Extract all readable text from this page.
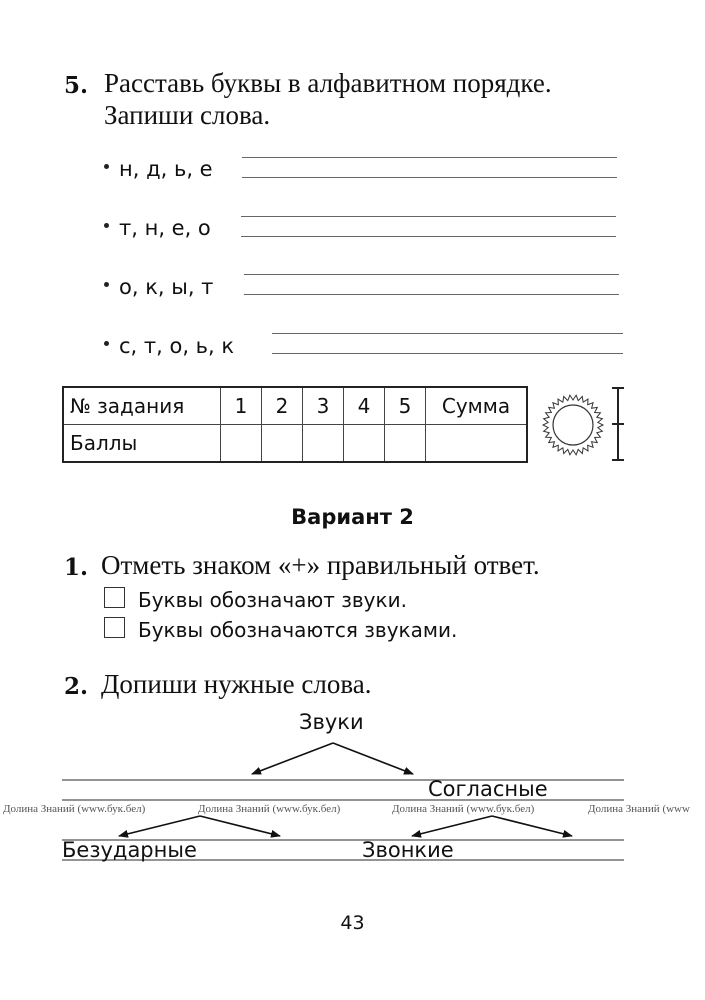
5. Расставь буквы в алфавитном порядке.
Запиши слова.
н, д, ь, е
т, н, е, о
о, к, ы, т
с, т, о, ь, к
№ задания	1	2	3	4	5	Сумма
Баллы						
Вариант 2
1. Отметь знаком «+» правильный ответ.
Буквы обозначают звуки.
Буквы обозначаются звуками.
2. Допиши нужные слова.
Долина Знаний (www.бук.бел)	Долина Знаний (www.бук.бел)	Долина Знаний (www.бук.бел)	Долина Знаний (www
Звуки
Согласные
Безударные	Звонкие
43
